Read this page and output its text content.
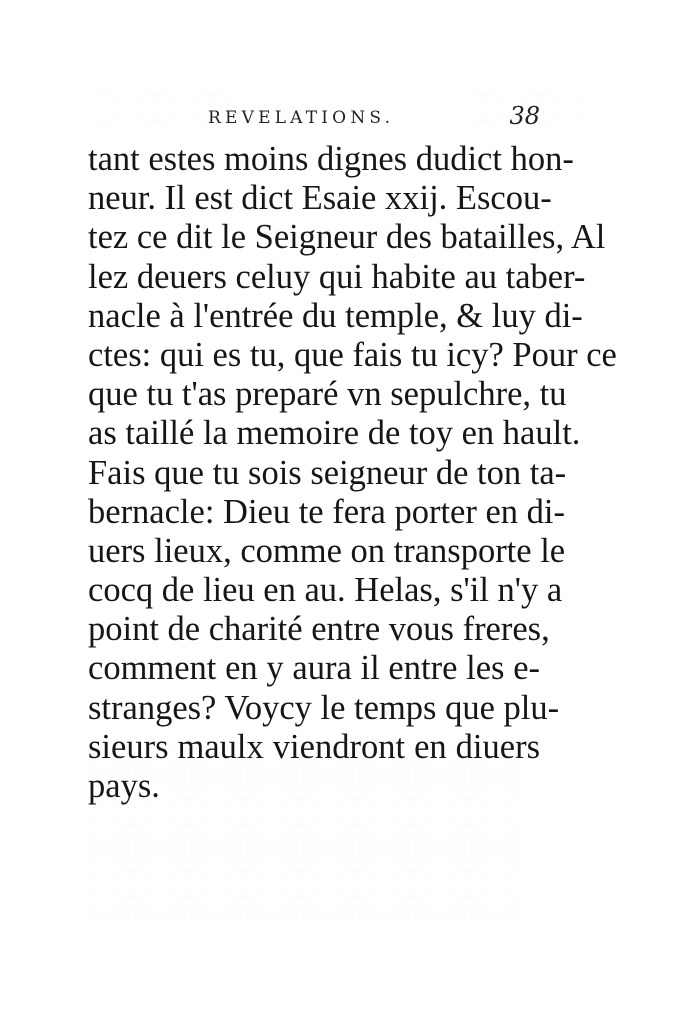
REVELATIONS.	38
tant estes moins dignes dudict hon-
neur. Il est dict Esaie xxij. Escou-
tez ce dit le Seigneur des batailles, Al
lez deuers celuy qui habite au taber-
nacle à l'entrée du temple, & luy di-
ctes: qui es tu, que fais tu icy? Pour ce
que tu t'as preparé vn sepulchre, tu
as taillé la memoire de toy en hault.
Fais que tu sois seigneur de ton ta-
bernacle: Dieu te fera porter en di-
uers lieux, comme on transporte le
cocq de lieu en au. Helas, s'il n'y a
point de charité entre vous freres,
comment en y aura il entre les e-
stranges? Voycy le temps que plu-
sieurs maulx viendront en diuers
pays.
